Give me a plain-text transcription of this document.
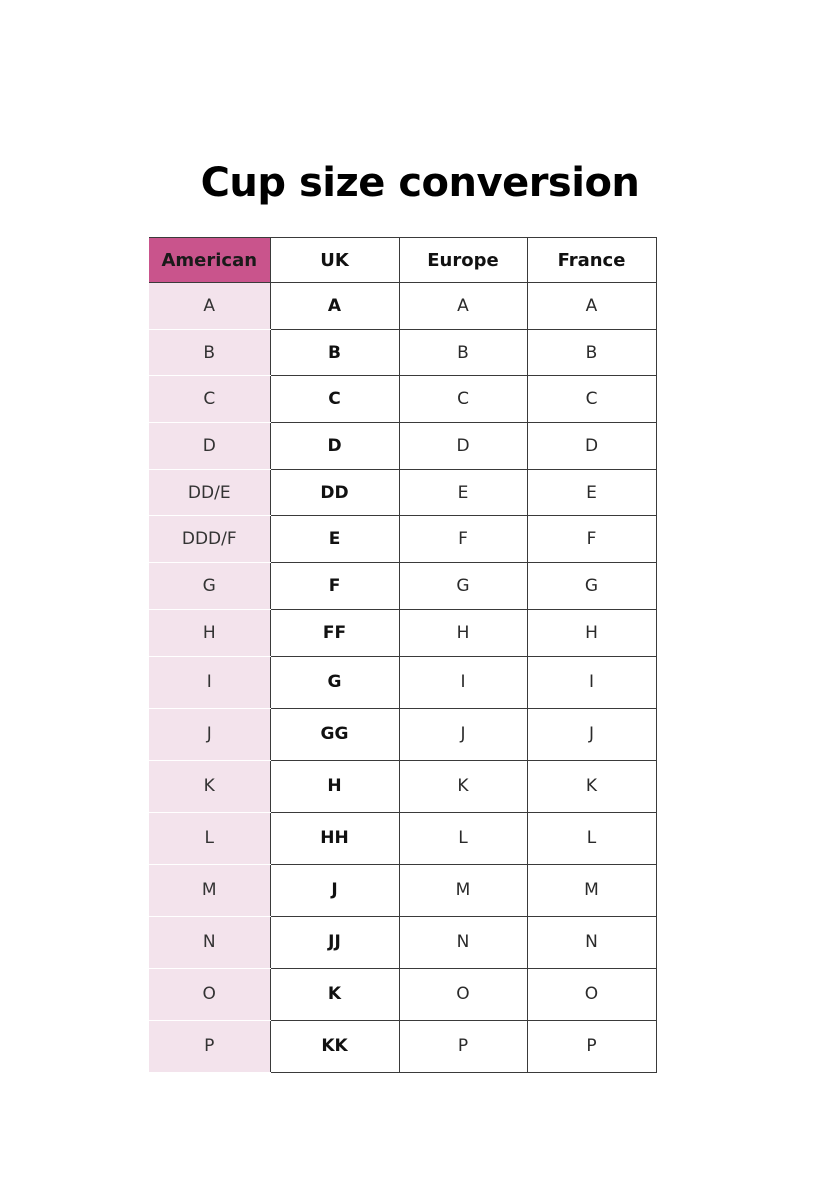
Cup size conversion
American	UK	Europe	France
A	A	A	A
B	B	B	B
C	C	C	C
D	D	D	D
DD/E	DD	E	E
DDD/F	E	F	F
G	F	G	G
H	FF	H	H
I	G	I	I
J	GG	J	J
K	H	K	K
L	HH	L	L
M	J	M	M
N	JJ	N	N
O	K	O	O
P	KK	P	P
